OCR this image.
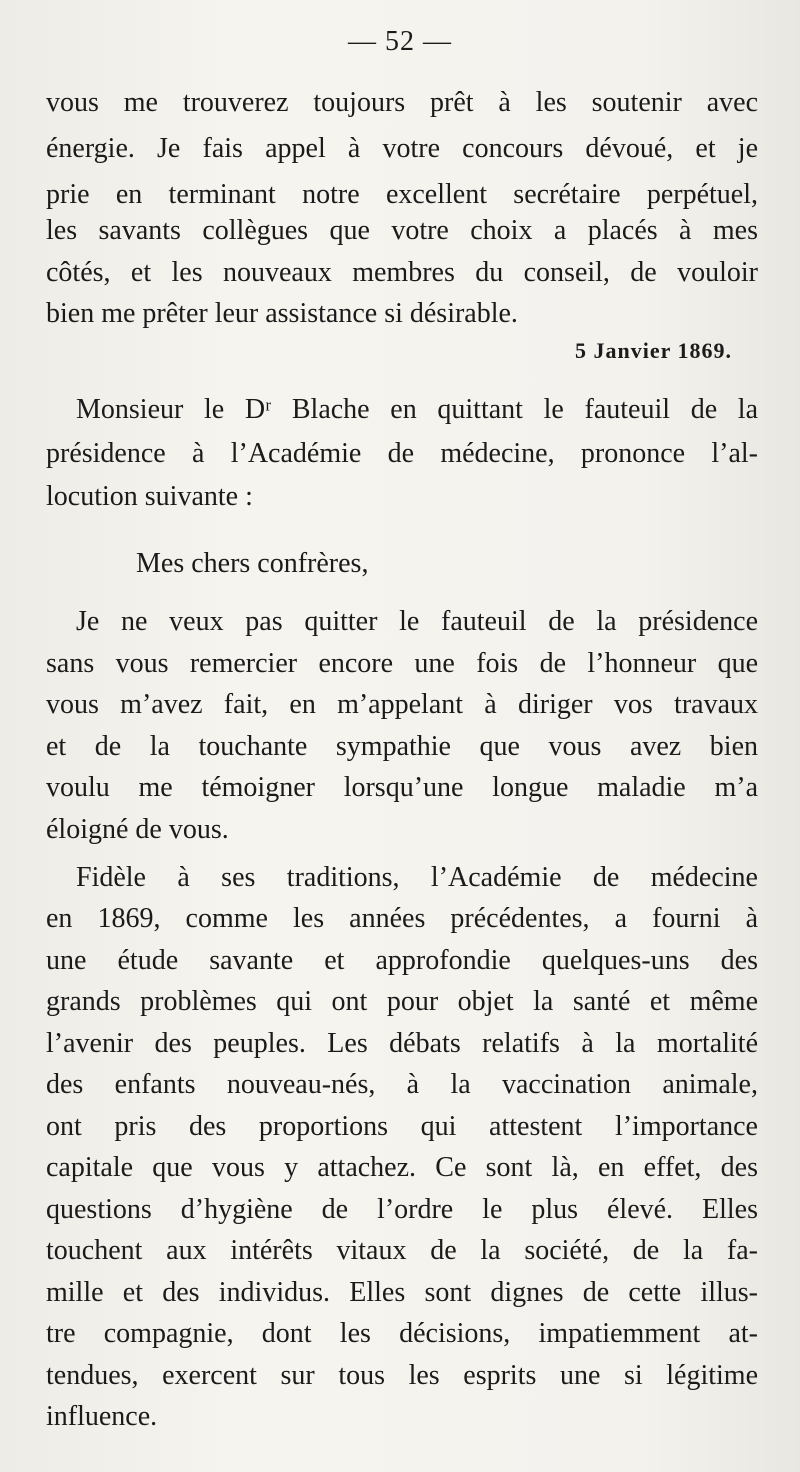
— 52 —
vous me trouverez toujours prêt à les soutenir avec
énergie. Je fais appel à votre concours dévoué, et je
prie en terminant notre excellent secrétaire perpétuel,
les savants collègues que votre choix a placés à mes
côtés, et les nouveaux membres du conseil, de vouloir
bien me prêter leur assistance si désirable.
5 Janvier 1869.
Monsieur le Dʳ Blache en quittant le fauteuil de la
présidence à l’Académie de médecine, prononce l’al-
locution suivante :
Mes chers confrères,
Je ne veux pas quitter le fauteuil de la présidence
sans vous remercier encore une fois de l’honneur que
vous m’avez fait, en m’appelant à diriger vos travaux
et de la touchante sympathie que vous avez bien
voulu me témoigner lorsqu’une longue maladie m’a
éloigné de vous.
Fidèle à ses traditions, l’Académie de médecine
en 1869, comme les années précédentes, a fourni à
une étude savante et approfondie quelques-uns des
grands problèmes qui ont pour objet la santé et même
l’avenir des peuples. Les débats relatifs à la mortalité
des enfants nouveau-nés, à la vaccination animale,
ont pris des proportions qui attestent l’importance
capitale que vous y attachez. Ce sont là, en effet, des
questions d’hygiène de l’ordre le plus élevé. Elles
touchent aux intérêts vitaux de la société, de la fa-
mille et des individus. Elles sont dignes de cette illus-
tre compagnie, dont les décisions, impatiemment at-
tendues, exercent sur tous les esprits une si légitime
influence.
